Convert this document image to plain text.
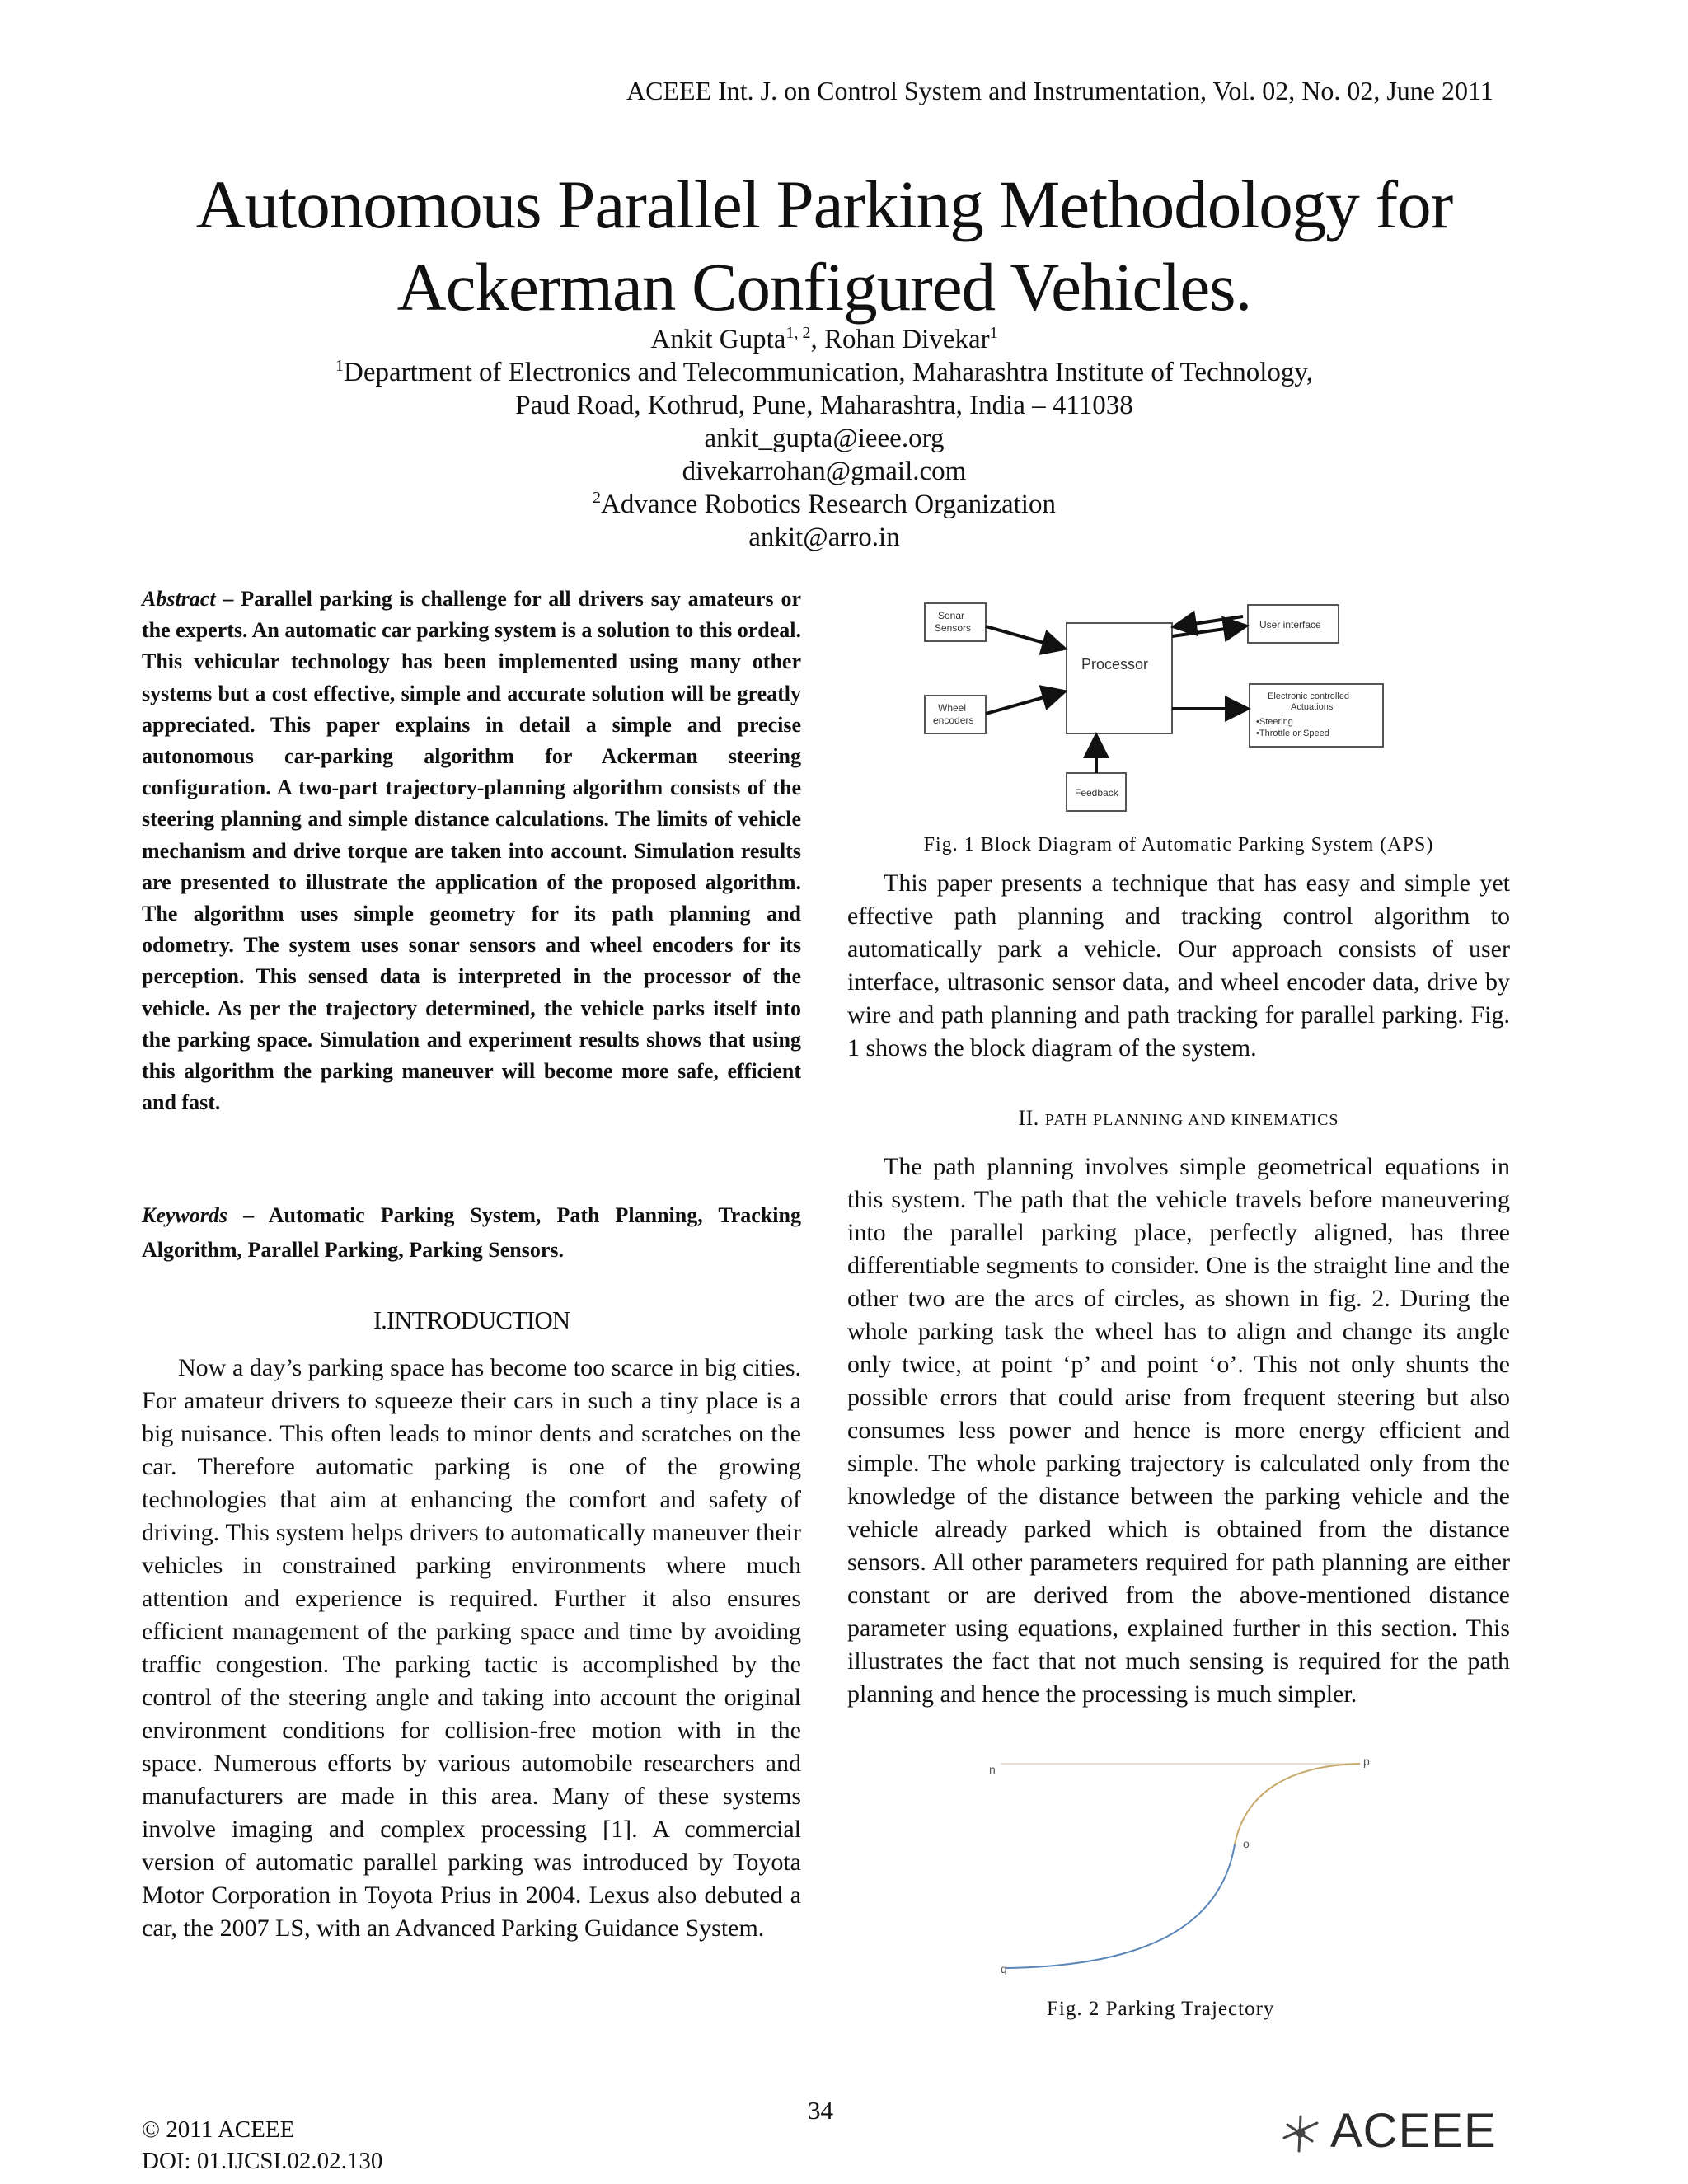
ACEEE Int. J. on Control System and Instrumentation, Vol. 02, No. 02, June 2011
Autonomous Parallel Parking Methodology for
Ackerman Configured Vehicles.
Ankit Gupta$^{1, 2}$, Rohan Divekar$^1$
$^1$Department of Electronics and Telecommunication, Maharashtra Institute of Technology,
Paud Road, Kothrud, Pune, Maharashtra, India – 411038
ankit_gupta@ieee.org
divekarrohan@gmail.com
$^2$Advance Robotics Research Organization
ankit@arro.in
Abstract – Parallel parking is challenge for all drivers say amateurs or the experts. An automatic car parking system is a solution to this ordeal. This vehicular technology has been implemented using many other systems but a cost effective, simple and accurate solution will be greatly appreciated. This paper explains in detail a simple and precise autonomous car-parking algorithm for Ackerman steering configuration. A two-part trajectory-planning algorithm consists of the steering planning and simple distance calculations. The limits of vehicle mechanism and drive torque are taken into account. Simulation results are presented to illustrate the application of the proposed algorithm. The algorithm uses simple geometry for its path planning and odometry. The system uses sonar sensors and wheel encoders for its perception. This sensed data is interpreted in the processor of the vehicle. As per the trajectory determined, the vehicle parks itself into the parking space. Simulation and experiment results shows that using this algorithm the parking maneuver will become more safe, efficient and fast.
Keywords – Automatic Parking System, Path Planning, Tracking Algorithm, Parallel Parking, Parking Sensors.
I.INTRODUCTION

Now a day’s parking space has become too scarce in big cities. For amateur drivers to squeeze their cars in such a tiny place is a big nuisance. This often leads to minor dents and scratches on the car. Therefore automatic parking is one of the growing technologies that aim at enhancing the comfort and safety of driving. This system helps drivers to automatically maneuver their vehicles in constrained parking environments where much attention and experience is required. Further it also ensures efficient management of the parking space and time by avoiding traffic congestion. The parking tactic is accomplished by the control of the steering angle and taking into account the original environment conditions for collision-free motion with in the space. Numerous efforts by various automobile researchers and manufacturers are made in this area. Many of these systems involve imaging and complex processing [1]. A commercial version of automatic parallel parking was introduced by Toyota Motor Corporation in Toyota Prius in 2004. Lexus also debuted a car, the 2007 LS, with an Advanced Parking Guidance System.

Sonar
Sensors
Wheel
encoders
Processor
User interface
Electronic controlled
Actuations
•Steering
•Throttle or Speed
Feedback
Fig. 1 Block Diagram of Automatic Parking System (APS)

This paper presents a technique that has easy and simple yet effective path planning and tracking control algorithm to automatically park a vehicle. Our approach consists of user interface, ultrasonic sensor data, and wheel encoder data, drive by wire and path planning and path tracking for parallel parking. Fig. 1 shows the block diagram of the system.

II. PATH PLANNING AND KINEMATICS

The path planning involves simple geometrical equations in this system. The path that the vehicle travels before maneuvering into the parallel parking place, perfectly aligned, has three differentiable segments to consider. One is the straight line and the other two are the arcs of circles, as shown in fig. 2. During the whole parking task the wheel has to align and change its angle only twice, at point ‘p’ and point ‘o’. This not only shunts the possible errors that could arise from frequent steering but also consumes less power and hence is more energy efficient and simple. The whole parking trajectory is calculated only from the knowledge of the distance between the parking vehicle and the vehicle already parked which is obtained from the distance sensors. All other parameters required for path planning are either constant or are derived from the above-mentioned distance parameter using equations, explained further in this section. This illustrates the fact that not much sensing is required for the path planning and hence the processing is much simpler.

n
p
o
q
Fig. 2 Parking Trajectory
34
© 2011 ACEEE
DOI: 01.IJCSI.02.02.130
ACEEE
